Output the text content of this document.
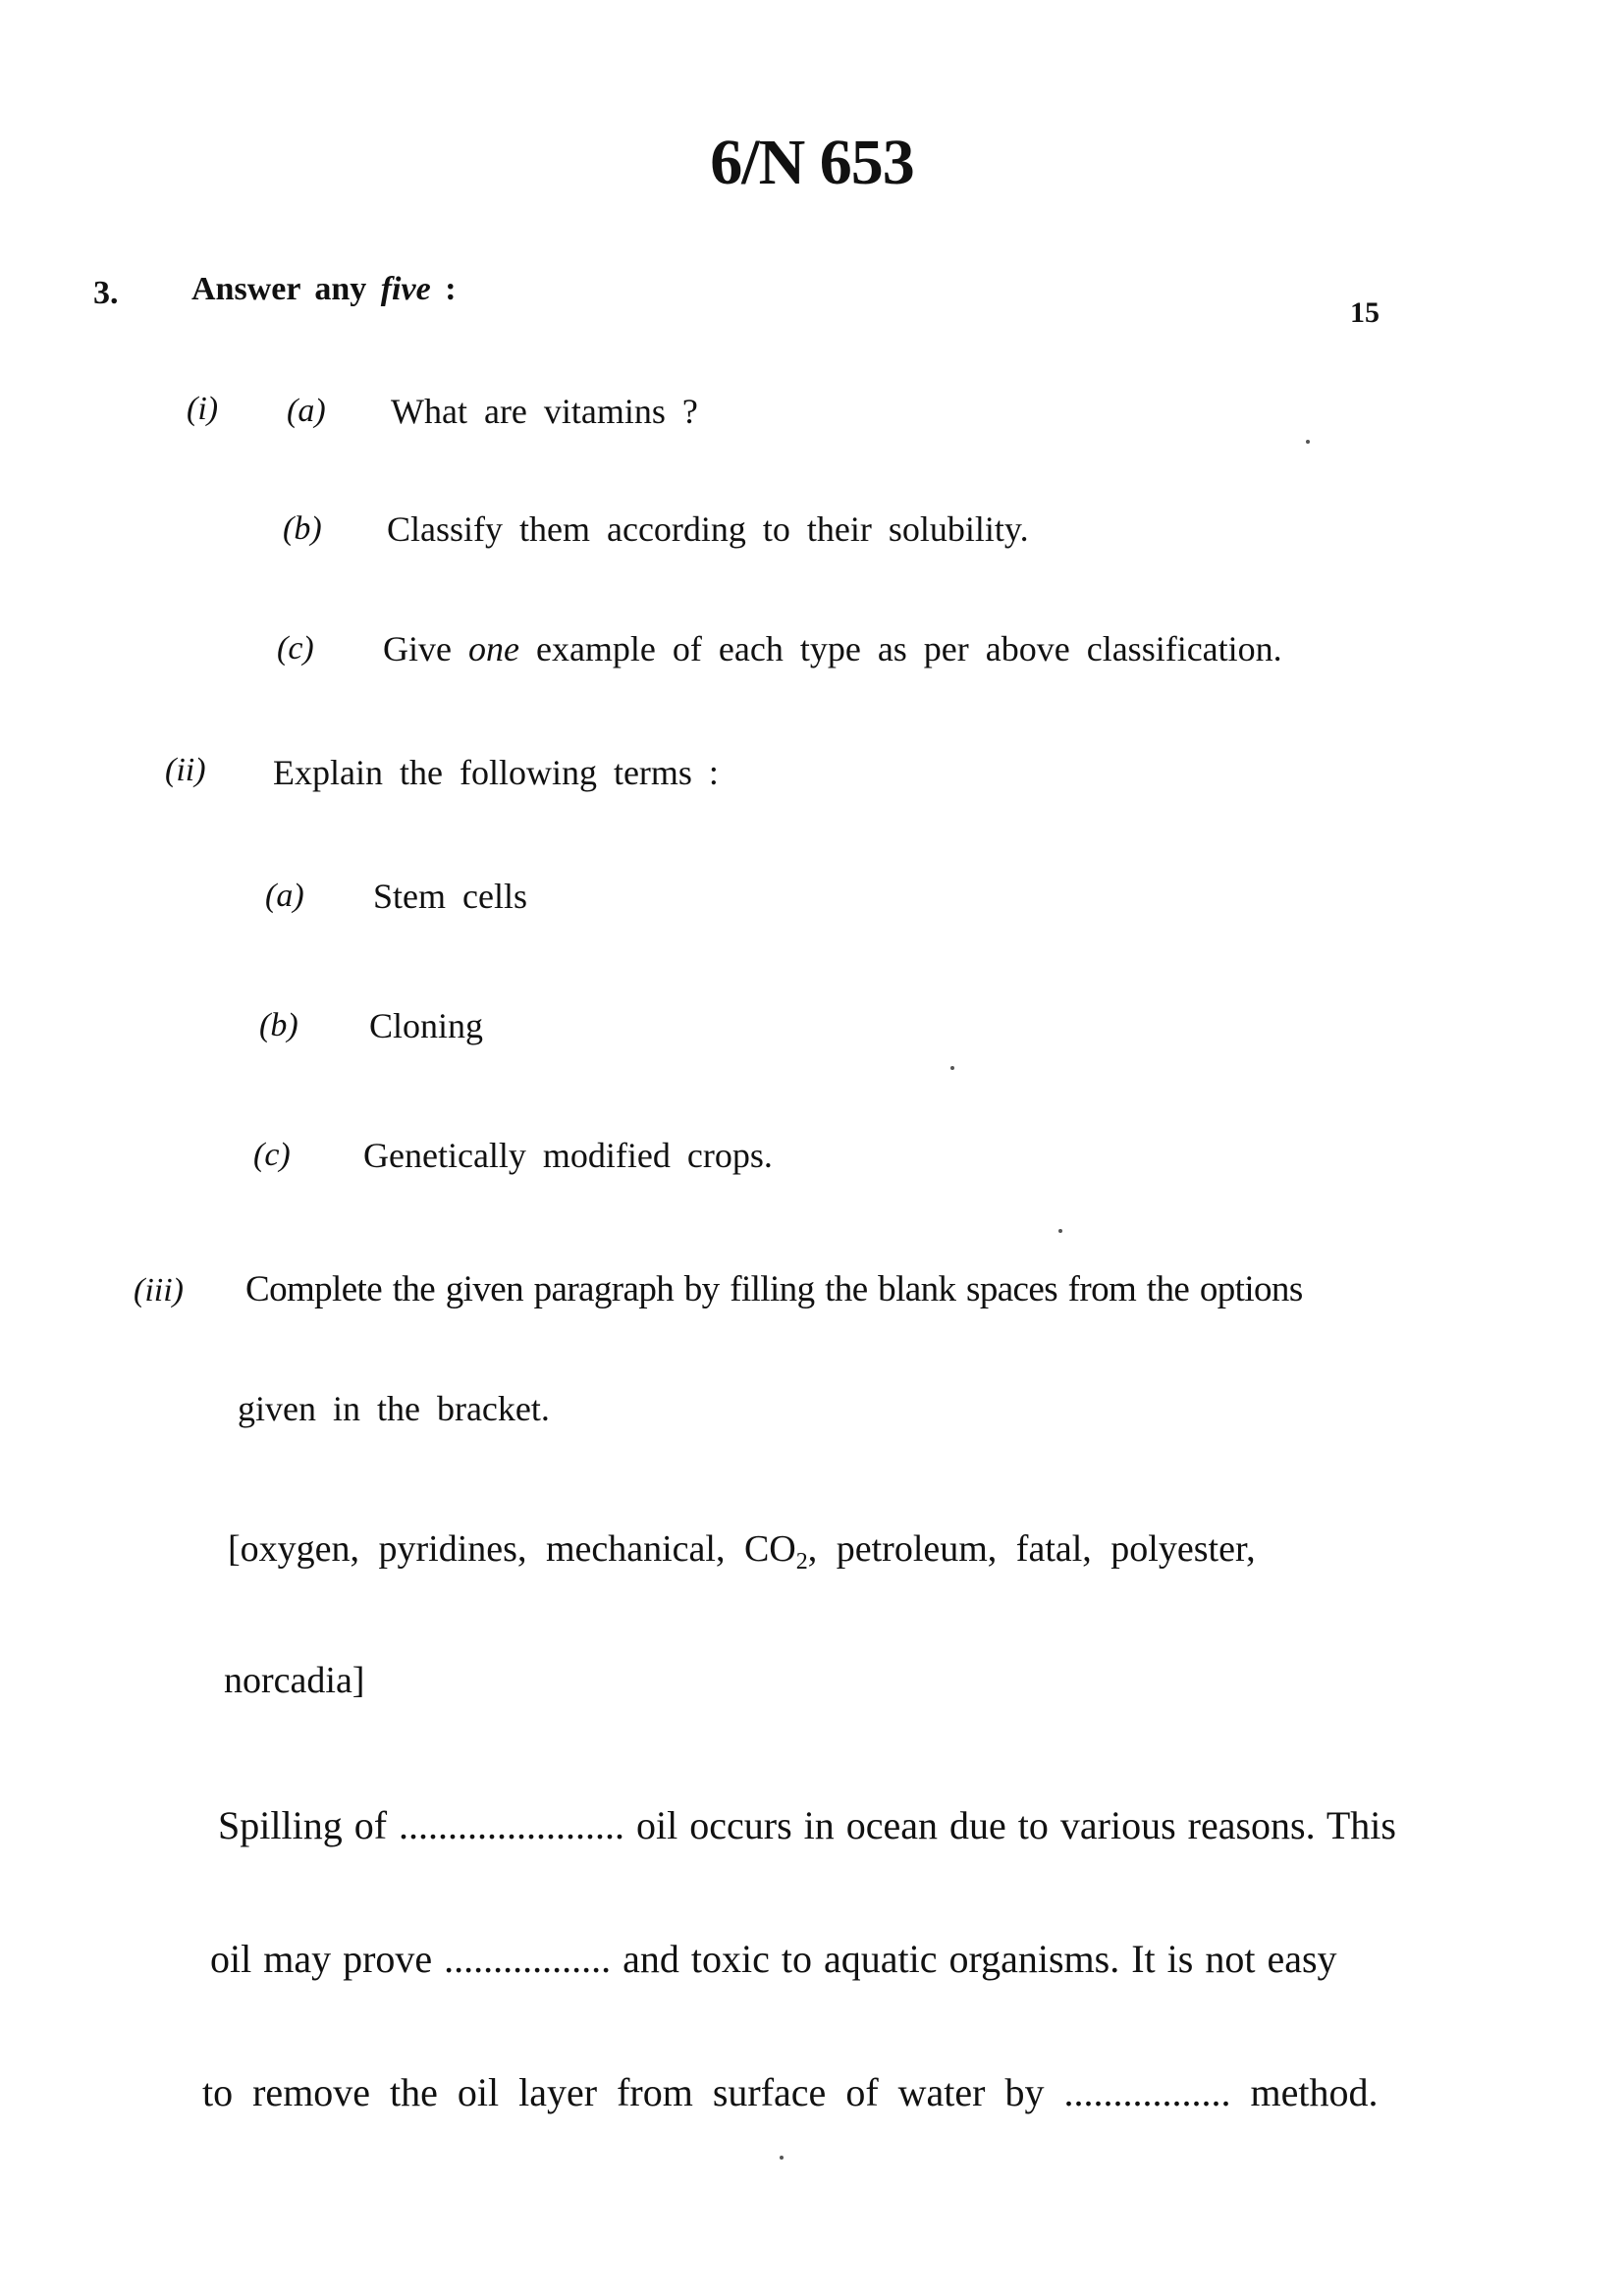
6/N 653
3. Answer any five :
15
(i) (a) What are vitamins ?
(b) Classify them according to their solubility.
(c) Give one example of each type as per above classification.
(ii) Explain the following terms :
(a) Stem cells
(b) Cloning
(c) Genetically modified crops.
(iii) Complete the given paragraph by filling the blank spaces from the options
given in the bracket.
[oxygen, pyridines, mechanical, $CO_2$, petroleum, fatal, polyester,
norcadia]
Spilling of ....................... oil occurs in ocean due to various reasons. This
oil may prove ................. and toxic to aquatic organisms. It is not easy
to remove the oil layer from surface of water by ................. method.
